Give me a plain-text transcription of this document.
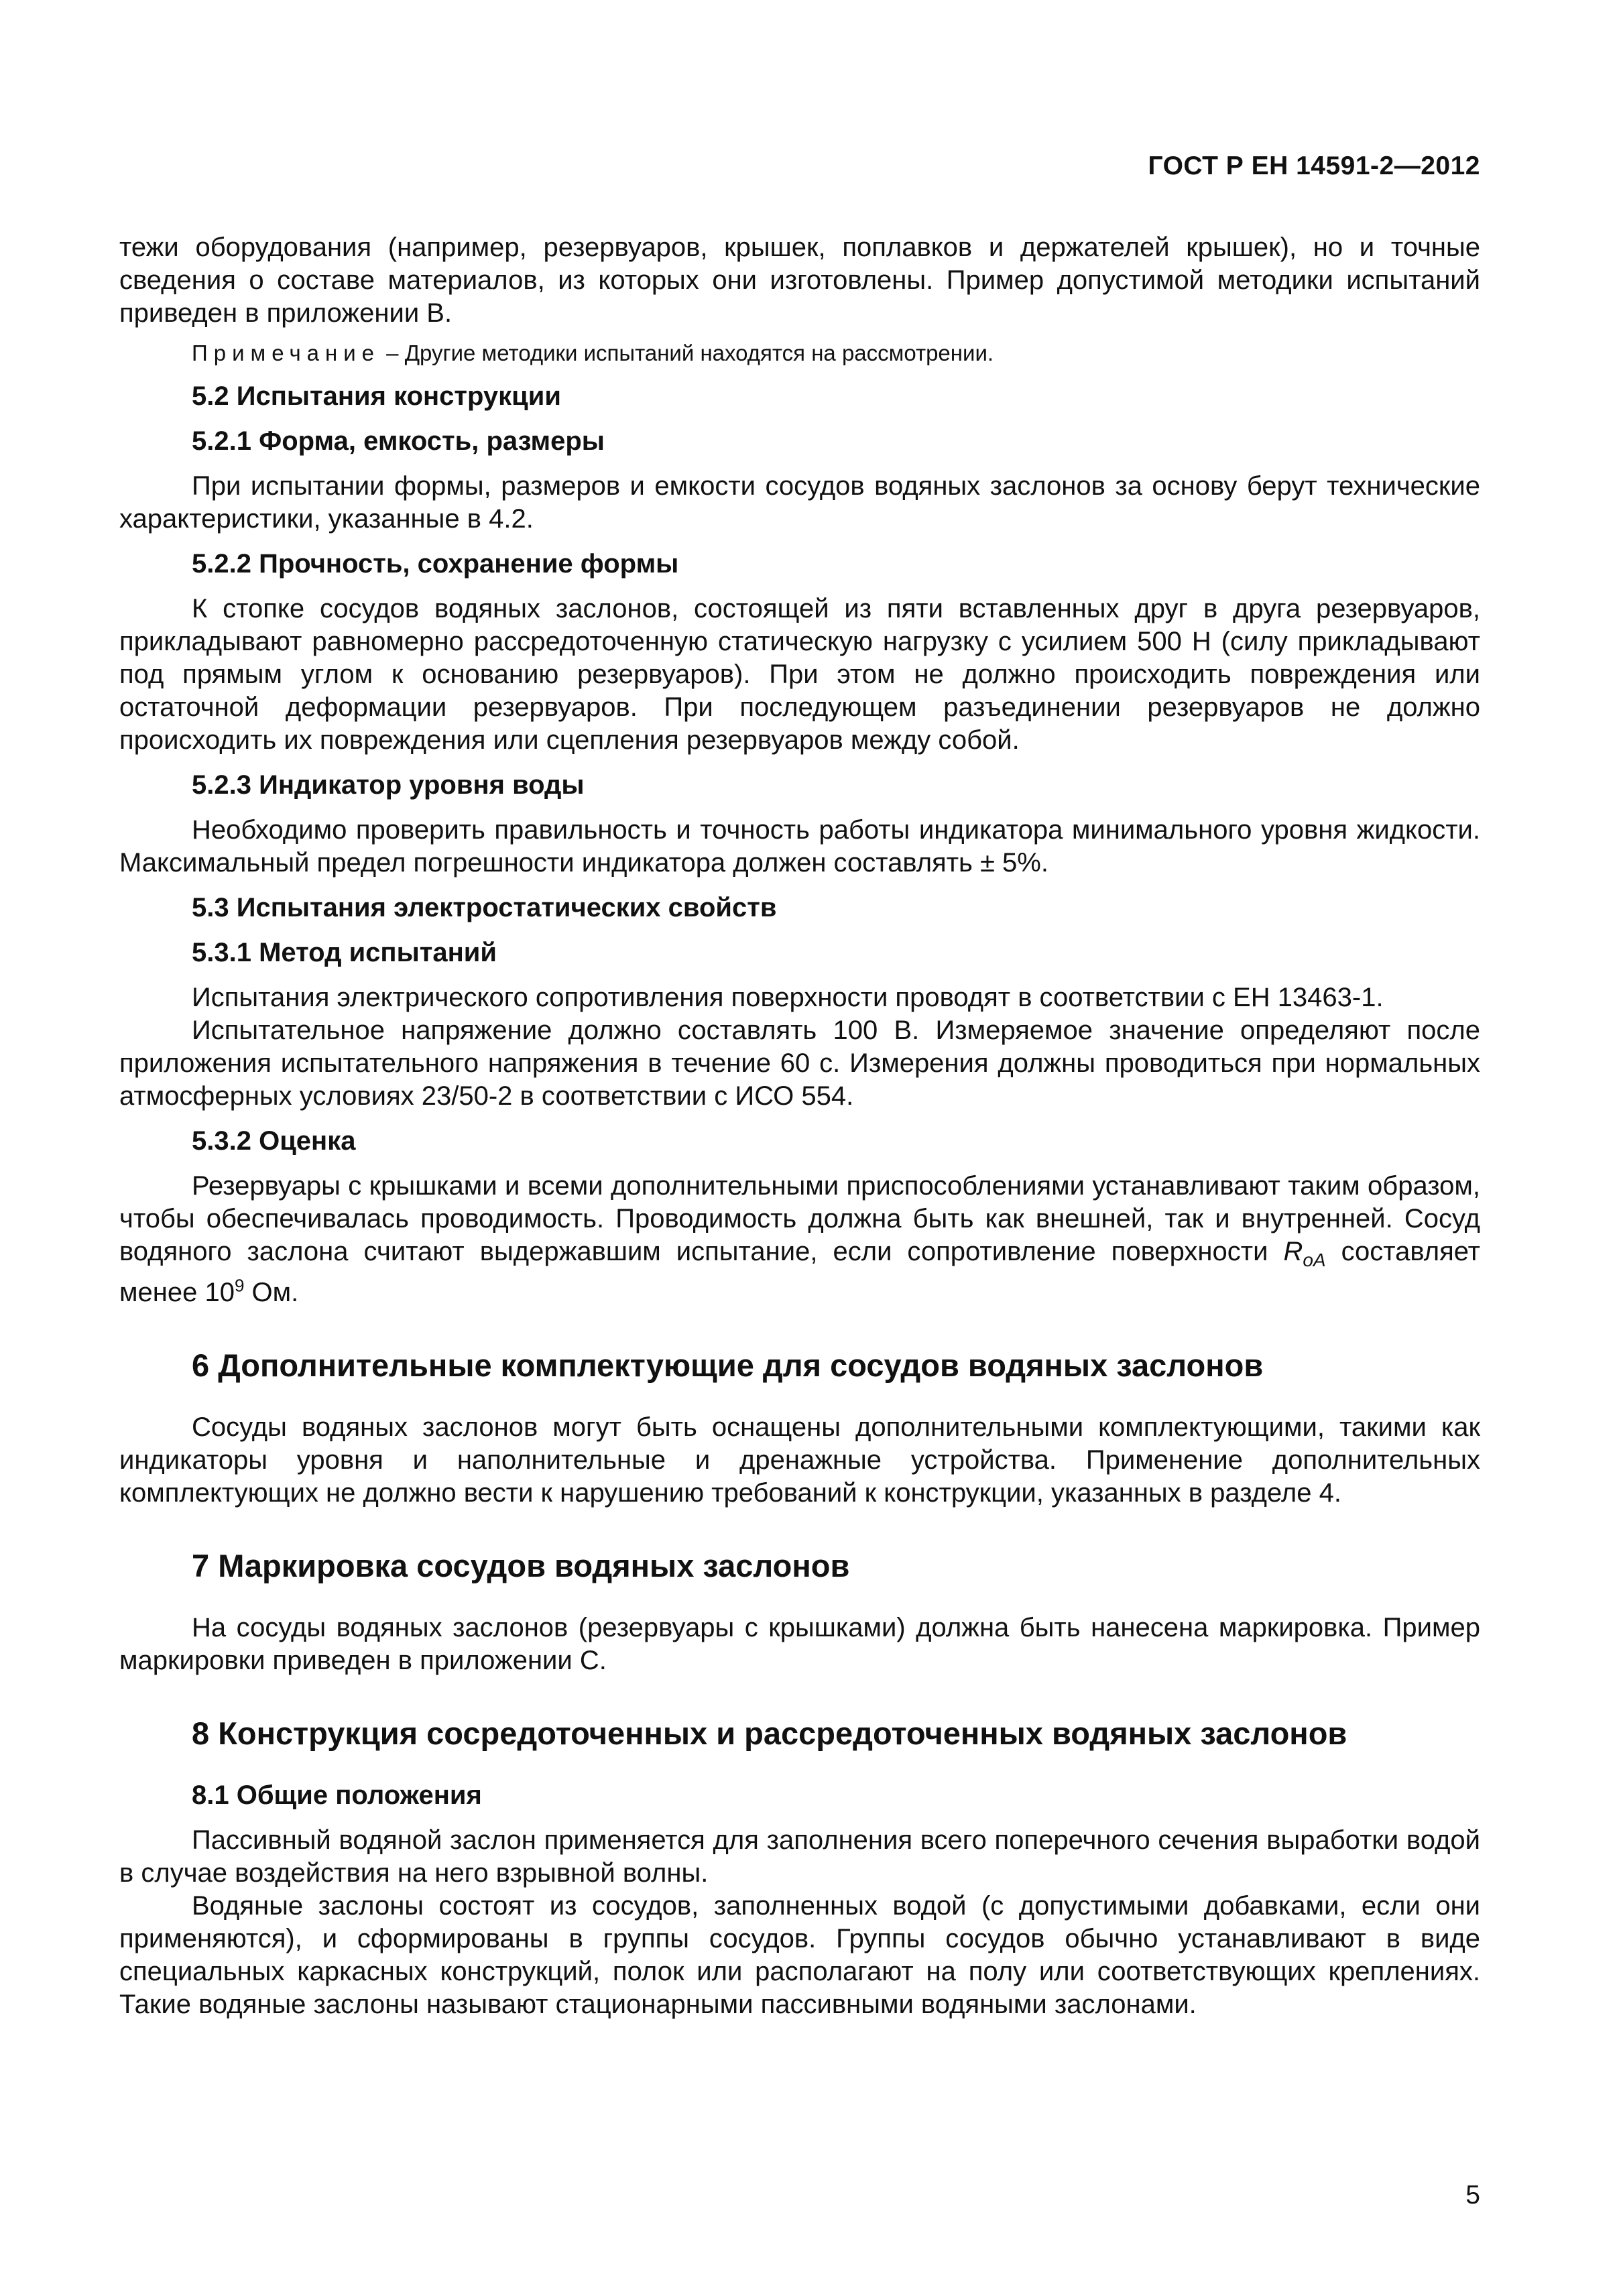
ГОСТ Р ЕН 14591-2—2012

тежи оборудования (например, резервуаров, крышек, поплавков и держателей крышек), но и точные сведения о составе материалов, из которых они изготовлены. Пример допустимой методики испытаний приведен в приложении В.

Примечание – Другие методики испытаний находятся на рассмотрении.

5.2 Испытания конструкции
5.2.1 Форма, емкость, размеры

При испытании формы, размеров и емкости сосудов водяных заслонов за основу берут технические характеристики, указанные в 4.2.

5.2.2 Прочность, сохранение формы

К стопке сосудов водяных заслонов, состоящей из пяти вставленных друг в друга резервуаров, прикладывают равномерно рассредоточенную статическую нагрузку с усилием 500 Н (силу прикладывают под прямым углом к основанию резервуаров). При этом не должно происходить повреждения или остаточной деформации резервуаров. При последующем разъединении резервуаров не должно происходить их повреждения или сцепления резервуаров между собой.

5.2.3 Индикатор уровня воды

Необходимо проверить правильность и точность работы индикатора минимального уровня жидкости. Максимальный предел погрешности индикатора должен составлять ± 5%.

5.3 Испытания электростатических свойств
5.3.1 Метод испытаний

Испытания электрического сопротивления поверхности проводят в соответствии с ЕН 13463-1.

Испытательное напряжение должно составлять 100 В. Измеряемое значение определяют после приложения испытательного напряжения в течение 60 с. Измерения должны проводиться при нормальных атмосферных условиях 23/50-2 в соответствии с ИСО 554.

5.3.2 Оценка

Резервуары с крышками и всеми дополнительными приспособлениями устанавливают таким образом, чтобы обеспечивалась проводимость. Проводимость должна быть как внешней, так и внутренней. Сосуд водяного заслона считают выдержавшим испытание, если сопротивление поверхности $R_{oA}$ составляет менее $10^9$ Ом.

6 Дополнительные комплектующие для сосудов водяных заслонов

Сосуды водяных заслонов могут быть оснащены дополнительными комплектующими, такими как индикаторы уровня и наполнительные и дренажные устройства. Применение дополнительных комплектующих не должно вести к нарушению требований к конструкции, указанных в разделе 4.

7 Маркировка сосудов водяных заслонов

На сосуды водяных заслонов (резервуары с крышками) должна быть нанесена маркировка. Пример маркировки приведен в приложении С.

8 Конструкция сосредоточенных и рассредоточенных водяных заслонов
8.1 Общие положения

Пассивный водяной заслон применяется для заполнения всего поперечного сечения выработки водой в случае воздействия на него взрывной волны.

Водяные заслоны состоят из сосудов, заполненных водой (с допустимыми добавками, если они применяются), и сформированы в группы сосудов. Группы сосудов обычно устанавливают в виде специальных каркасных конструкций, полок или располагают на полу или соответствующих креплениях. Такие водяные заслоны называют стационарными пассивными водяными заслонами.

5
